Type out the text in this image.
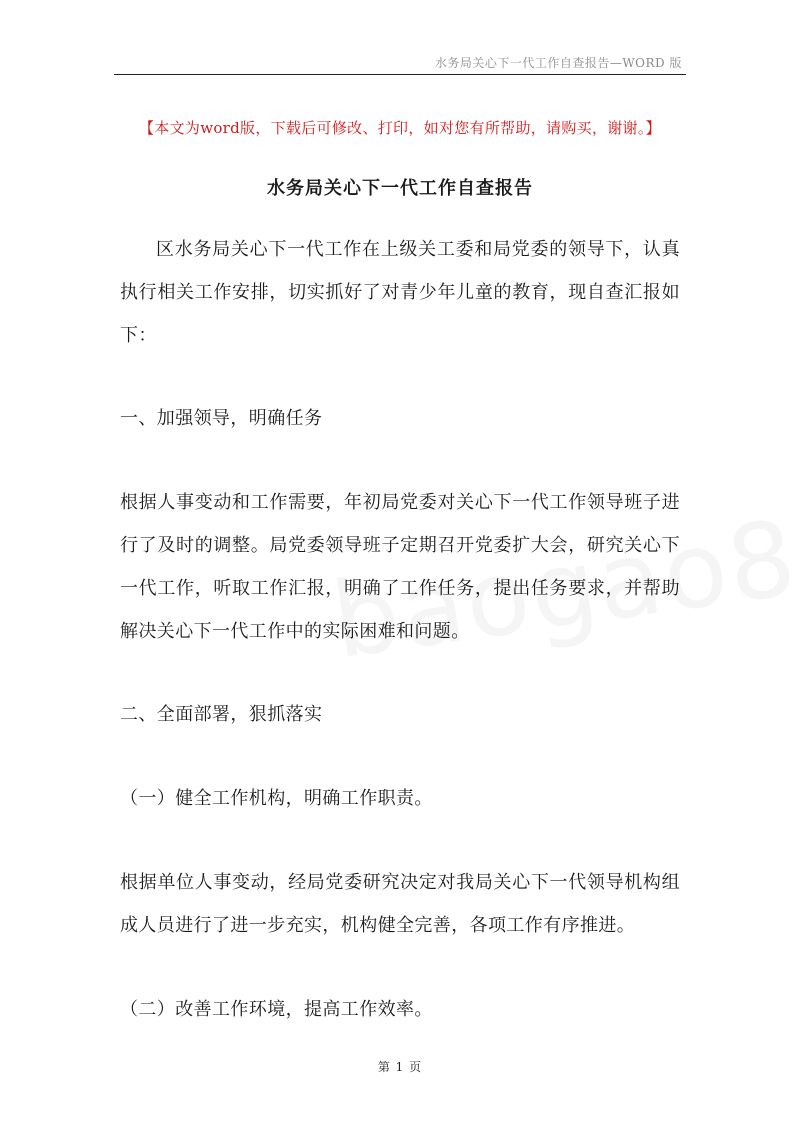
水务局关心下一代工作自查报告—WORD 版
【本文为word版，下载后可修改、打印，如对您有所帮助，请购买，谢谢。】
水务局关心下一代工作自查报告
区水务局关心下一代工作在上级关工委和局党委的领导下，认真执行相关工作安排，切实抓好了对青少年儿童的教育，现自查汇报如下：
一、加强领导，明确任务
根据人事变动和工作需要，年初局党委对关心下一代工作领导班子进行了及时的调整。局党委领导班子定期召开党委扩大会，研究关心下一代工作，听取工作汇报，明确了工作任务，提出任务要求，并帮助解决关心下一代工作中的实际困难和问题。
二、全面部署，狠抓落实
（一）健全工作机构，明确工作职责。
根据单位人事变动，经局党委研究决定对我局关心下一代领导机构组成人员进行了进一步充实，机构健全完善，各项工作有序推进。
（二）改善工作环境，提高工作效率。
第 1 页
